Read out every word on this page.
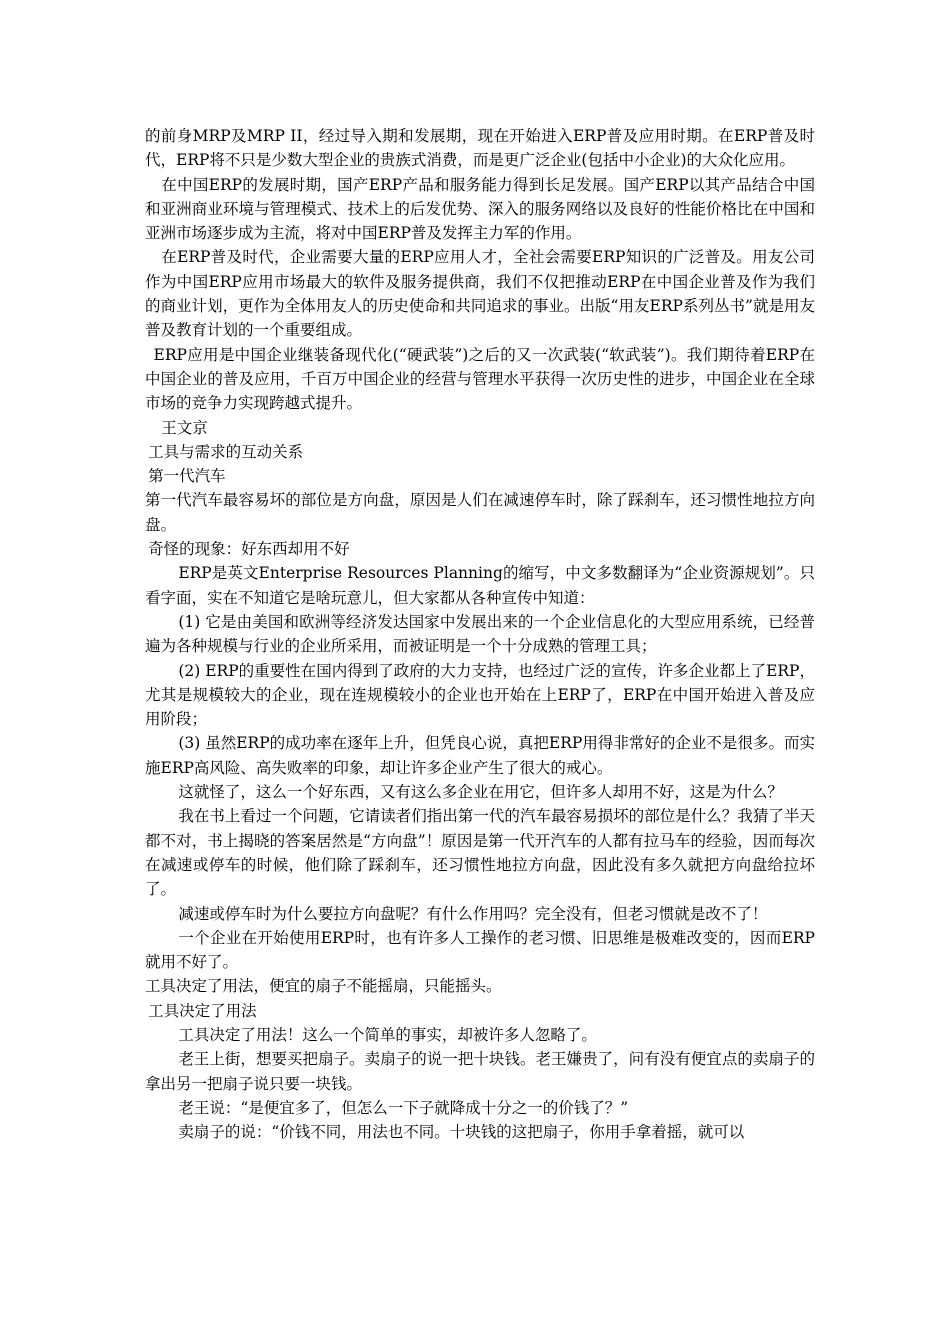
的前身MRP及MRP II，经过导入期和发展期，现在开始进入ERP普及应用时期。在ERP普及时代，ERP将不只是少数大型企业的贵族式消费，而是更广泛企业(包括中小企业)的大众化应用。

在中国ERP的发展时期，国产ERP产品和服务能力得到长足发展。国产ERP以其产品结合中国和亚洲商业环境与管理模式、技术上的后发优势、深入的服务网络以及良好的性能价格比在中国和亚洲市场逐步成为主流，将对中国ERP普及发挥主力军的作用。

在ERP普及时代，企业需要大量的ERP应用人才，全社会需要ERP知识的广泛普及。用友公司作为中国ERP应用市场最大的软件及服务提供商，我们不仅把推动ERP在中国企业普及作为我们的商业计划，更作为全体用友人的历史使命和共同追求的事业。出版“用友ERP系列丛书”就是用友普及教育计划的一个重要组成。

ERP应用是中国企业继装备现代化(“硬武装”)之后的又一次武装(“软武装”)。我们期待着ERP在中国企业的普及应用，千百万中国企业的经营与管理水平获得一次历史性的进步，中国企业在全球市场的竞争力实现跨越式提升。

王文京

工具与需求的互动关系

第一代汽车

第一代汽车最容易坏的部位是方向盘，原因是人们在减速停车时，除了踩刹车，还习惯性地拉方向盘。

奇怪的现象：好东西却用不好

ERP是英文Enterprise Resources Planning的缩写，中文多数翻译为“企业资源规划”。只看字面，实在不知道它是啥玩意儿，但大家都从各种宣传中知道：

(1) 它是由美国和欧洲等经济发达国家中发展出来的一个企业信息化的大型应用系统，已经普遍为各种规模与行业的企业所采用，而被证明是一个十分成熟的管理工具；

(2) ERP的重要性在国内得到了政府的大力支持，也经过广泛的宣传，许多企业都上了ERP，尤其是规模较大的企业，现在连规模较小的企业也开始在上ERP了，ERP在中国开始进入普及应用阶段；

(3) 虽然ERP的成功率在逐年上升，但凭良心说，真把ERP用得非常好的企业不是很多。而实施ERP高风险、高失败率的印象，却让许多企业产生了很大的戒心。

这就怪了，这么一个好东西，又有这么多企业在用它，但许多人却用不好，这是为什么？

我在书上看过一个问题，它请读者们指出第一代的汽车最容易损坏的部位是什么？我猜了半天都不对，书上揭晓的答案居然是“方向盘”！原因是第一代开汽车的人都有拉马车的经验，因而每次在减速或停车的时候，他们除了踩刹车，还习惯性地拉方向盘，因此没有多久就把方向盘给拉坏了。

减速或停车时为什么要拉方向盘呢？有什么作用吗？完全没有，但老习惯就是改不了！

一个企业在开始使用ERP时，也有许多人工操作的老习惯、旧思维是极难改变的，因而ERP就用不好了。

工具决定了用法，便宜的扇子不能摇扇，只能摇头。

工具决定了用法

工具决定了用法！这么一个简单的事实，却被许多人忽略了。

老王上街，想要买把扇子。卖扇子的说一把十块钱。老王嫌贵了，问有没有便宜点的卖扇子的拿出另一把扇子说只要一块钱。

老王说：“是便宜多了，但怎么一下子就降成十分之一的价钱了？”

卖扇子的说：“价钱不同，用法也不同。十块钱的这把扇子，你用手拿着摇，就可以
